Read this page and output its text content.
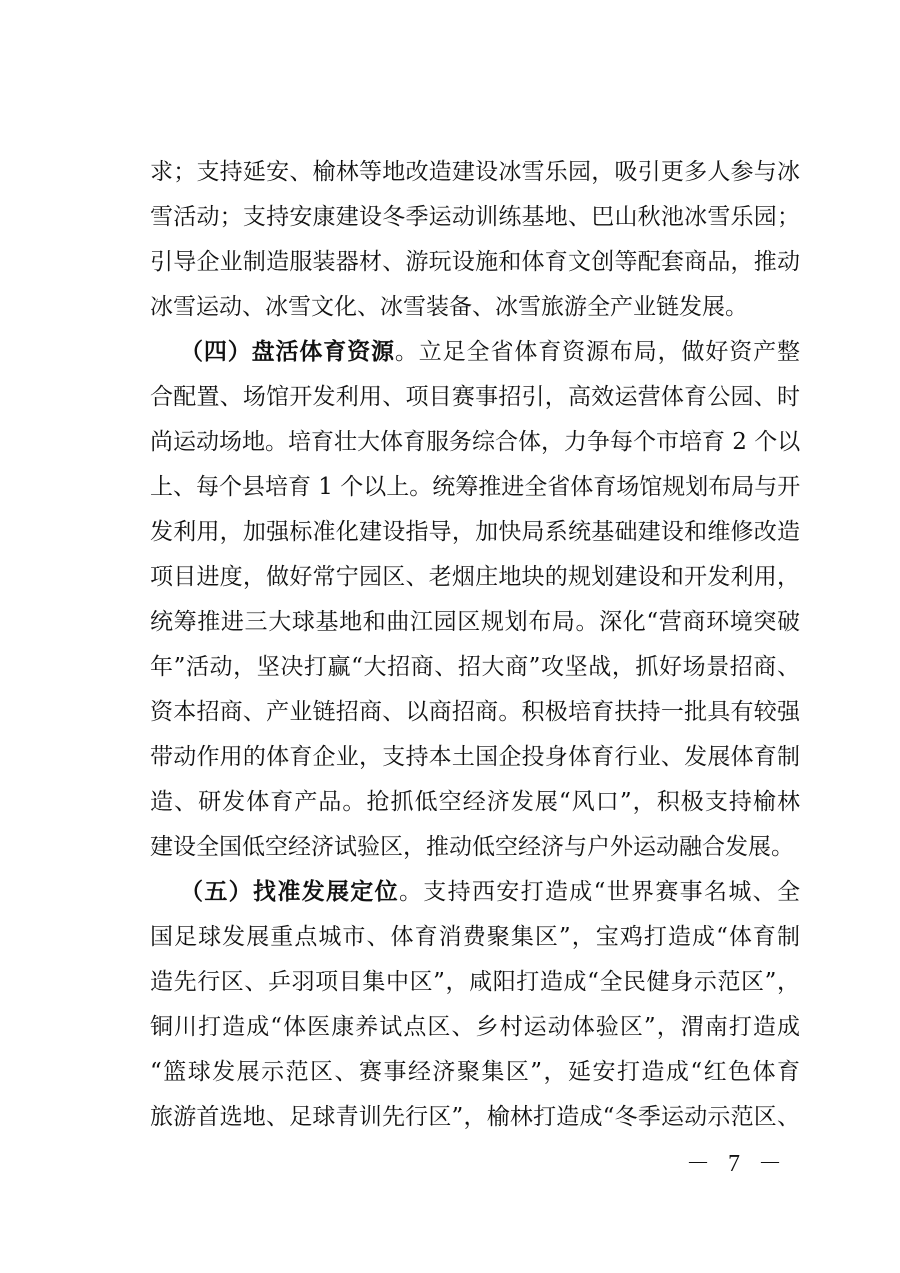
求；支持延安、榆林等地改造建设冰雪乐园，吸引更多人参与冰
雪活动；支持安康建设冬季运动训练基地、巴山秋池冰雪乐园；
引导企业制造服装器材、游玩设施和体育文创等配套商品，推动
冰雪运动、冰雪文化、冰雪装备、冰雪旅游全产业链发展。
（四）盘活体育资源。立足全省体育资源布局，做好资产整
合配置、场馆开发利用、项目赛事招引，高效运营体育公园、时
尚运动场地。培育壮大体育服务综合体，力争每个市培育 2 个以
上、每个县培育 1 个以上。统筹推进全省体育场馆规划布局与开
发利用，加强标准化建设指导，加快局系统基础建设和维修改造
项目进度，做好常宁园区、老烟庄地块的规划建设和开发利用，
统筹推进三大球基地和曲江园区规划布局。深化“营商环境突破
年”活动，坚决打赢“大招商、招大商”攻坚战，抓好场景招商、
资本招商、产业链招商、以商招商。积极培育扶持一批具有较强
带动作用的体育企业，支持本土国企投身体育行业、发展体育制
造、研发体育产品。抢抓低空经济发展“风口”，积极支持榆林
建设全国低空经济试验区，推动低空经济与户外运动融合发展。
（五）找准发展定位。支持西安打造成“世界赛事名城、全
国足球发展重点城市、体育消费聚集区”，宝鸡打造成“体育制
造先行区、乒羽项目集中区”，咸阳打造成“全民健身示范区”，
铜川打造成“体医康养试点区、乡村运动体验区”，渭南打造成
“篮球发展示范区、赛事经济聚集区”，延安打造成“红色体育
旅游首选地、足球青训先行区”，榆林打造成“冬季运动示范区、
－ 7 －
